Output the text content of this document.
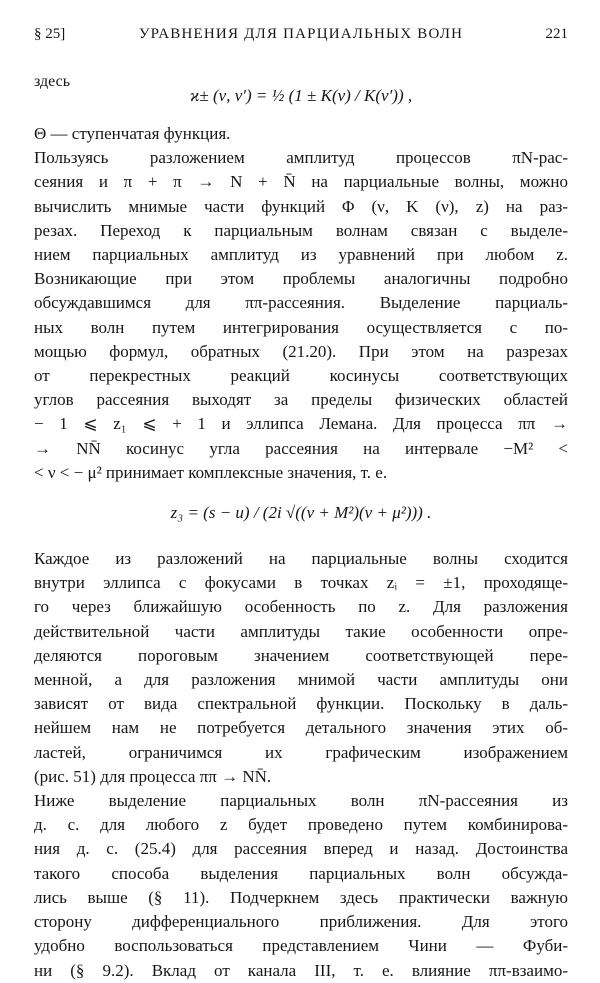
§ 25]	УРАВНЕНИЯ ДЛЯ ПАРЦИАЛЬНЫХ ВОЛН	221
здесь
ϰ± (ν, ν′) = ½ (1 ± K(ν) / K(ν′)) ,
Θ — ступенчатая функция.
Пользуясь разложением амплитуд процессов πN-рас-
сеяния и π + π → N + N̄ на парциальные волны, можно
вычислить мнимые части функций Φ (ν, K (ν), z) на раз-
резах. Переход к парциальным волнам связан с выделе-
нием парциальных амплитуд из уравнений при любом z.
Возникающие при этом проблемы аналогичны подробно
обсуждавшимся для ππ-рассеяния. Выделение парциаль-
ных волн путем интегрирования осуществляется с по-
мощью формул, обратных (21.20). При этом на разрезах
от перекрестных реакций косинусы соответствующих
углов рассеяния выходят за пределы физических областей
− 1 ⩽ z₁ ⩽ + 1 и эллипса Лемана. Для процесса ππ →
→ NN̄ косинус угла рассеяния на интервале −M² <
< ν < − μ² принимает комплексные значения, т. е.
z₃ = (s − u) / (2i √((ν + M²)(ν + μ²))) .
Каждое из разложений на парциальные волны сходится
внутри эллипса с фокусами в точках zᵢ = ±1, проходяще-
го через ближайшую особенность по z. Для разложения
действительной части амплитуды такие особенности опре-
деляются пороговым значением соответствующей пере-
менной, а для разложения мнимой части амплитуды они
зависят от вида спектральной функции. Поскольку в даль-
нейшем нам не потребуется детального значения этих об-
ластей, ограничимся их графическим изображением
(рис. 51) для процесса ππ → NN̄.
Ниже выделение парциальных волн πN-рассеяния из
д. с. для любого z будет проведено путем комбинирова-
ния д. с. (25.4) для рассеяния вперед и назад. Достоинства
такого способа выделения парциальных волн обсужда-
лись выше (§ 11). Подчеркнем здесь практически важную
сторону дифференциального приближения. Для этого
удобно воспользоваться представлением Чини — Фуби-
ни (§ 9.2). Вклад от канала III, т. е. влияние ππ-взаимо-
